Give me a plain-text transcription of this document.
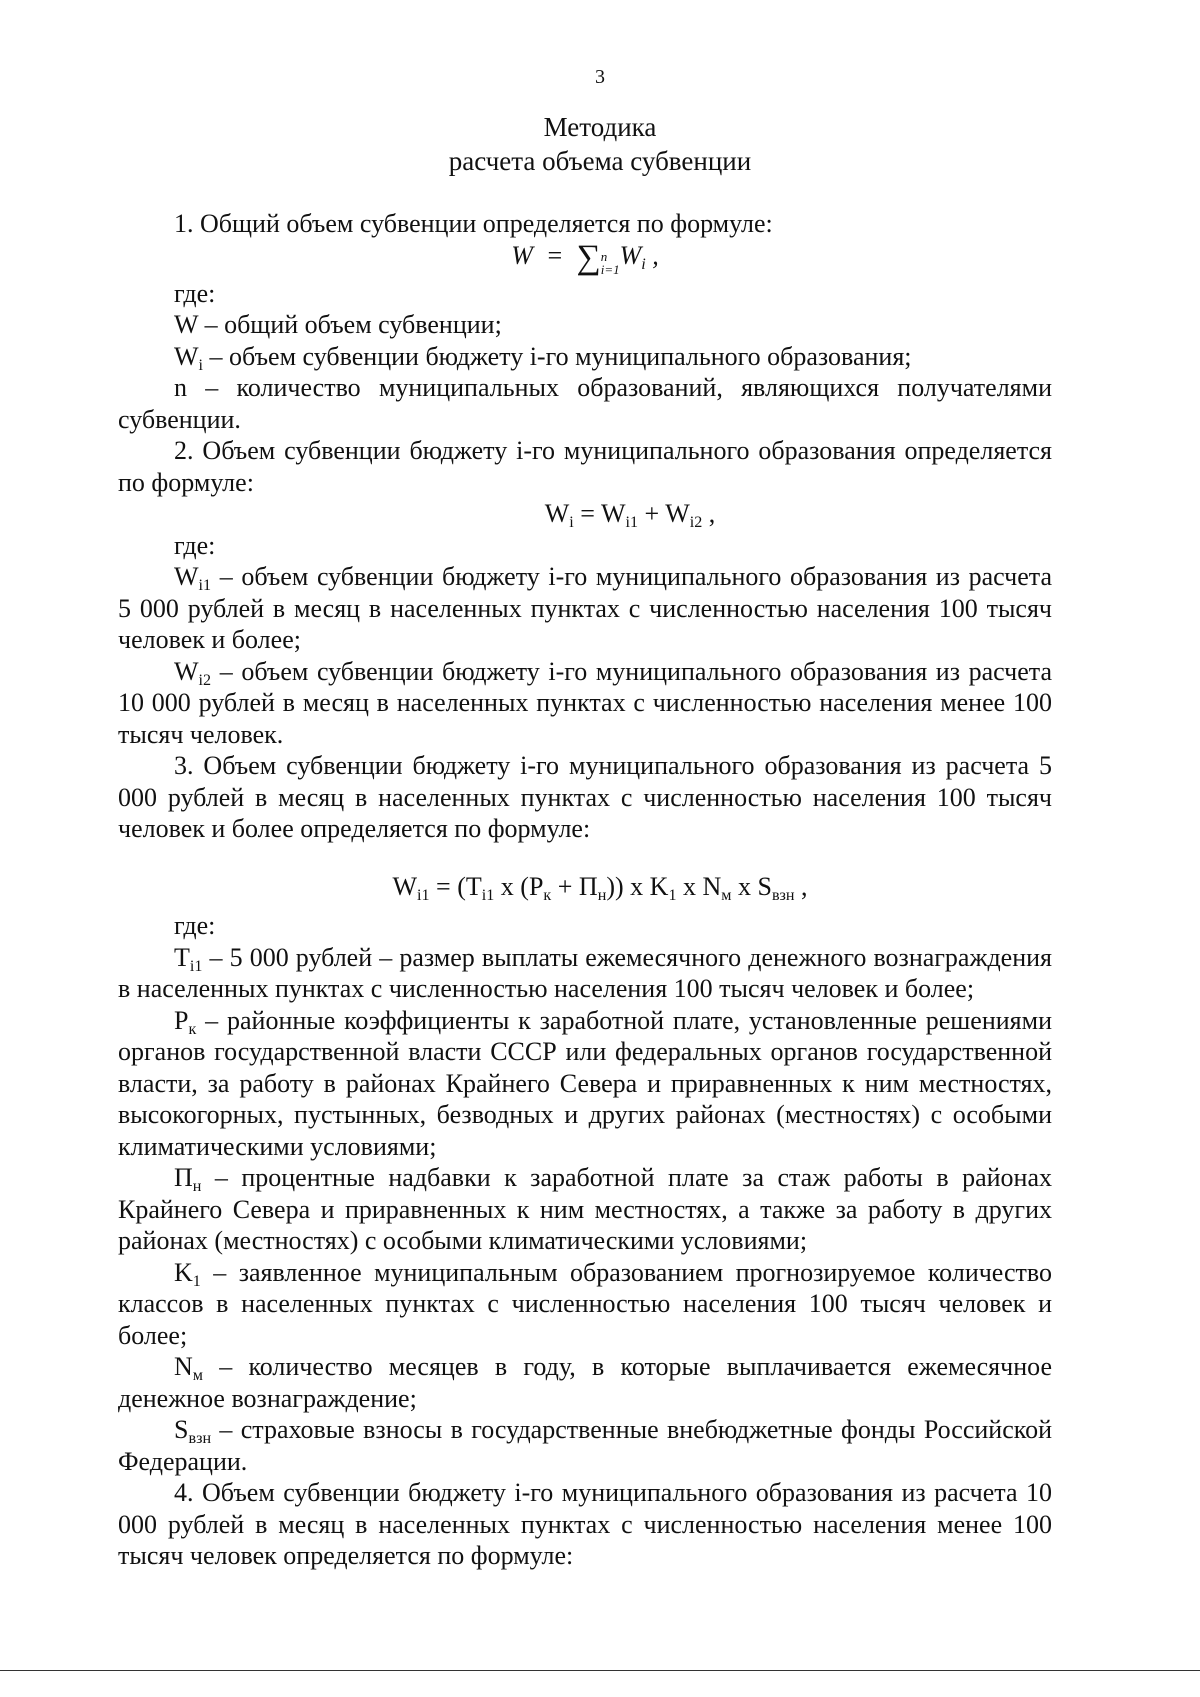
3
Методика
расчета объема субвенции

1. Общий объем субвенции определяется по формуле:

W = ∑n
$i=1W_i$ ,

где:

W – общий объем субвенции;

$W_i$ – объем субвенции бюджету i-го муниципального образования;

n – количество муниципальных образований, являющихся получателями субвенции.

2. Объем субвенции бюджету i-го муниципального образования определяется по формуле:

$W_i = W_{i1} + W_{i2}$ ,

где:

$W_{i1}$ – объем субвенции бюджету i-го муниципального образования из расчета 5 000 рублей в месяц в населенных пунктах с численностью населения 100 тысяч человек и более;

$W_{i2}$ – объем субвенции бюджету i-го муниципального образования из расчета 10 000 рублей в месяц в населенных пунктах с численностью населения менее 100 тысяч человек.

3. Объем субвенции бюджету i-го муниципального образования из расчета 5 000 рублей в месяц в населенных пунктах с численностью населения 100 тысяч человек и более определяется по формуле:

$W_{i1} = (T_{i1}$ x $(P_к + П_н)$) x $K_1$ x $N_м$ x $S_{взн}$ ,

где:

$T_{i1} - 5$ 000 рублей – размер выплаты ежемесячного денежного вознаграждения в населенных пунктах с численностью населения 100 тысяч человек и более;

$P_к$ – районные коэффициенты к заработной плате, установленные решениями органов государственной власти СССР или федеральных органов государственной власти, за работу в районах Крайнего Севера и приравненных к ним местностях, высокогорных, пустынных, безводных и других районах (местностях) с особыми климатическими условиями;

$П_н$ – процентные надбавки к заработной плате за стаж работы в районах Крайнего Севера и приравненных к ним местностях, а также за работу в других районах (местностях) с особыми климатическими условиями;

$K_1$ – заявленное муниципальным образованием прогнозируемое количество классов в населенных пунктах с численностью населения 100 тысяч человек и более;

$N_м$ – количество месяцев в году, в которые выплачивается ежемесячное денежное вознаграждение;

$S_{взн}$ – страховые взносы в государственные внебюджетные фонды Российской Федерации.

4. Объем субвенции бюджету i-го муниципального образования из расчета 10 000 рублей в месяц в населенных пунктах с численностью населения менее 100 тысяч человек определяется по формуле:
